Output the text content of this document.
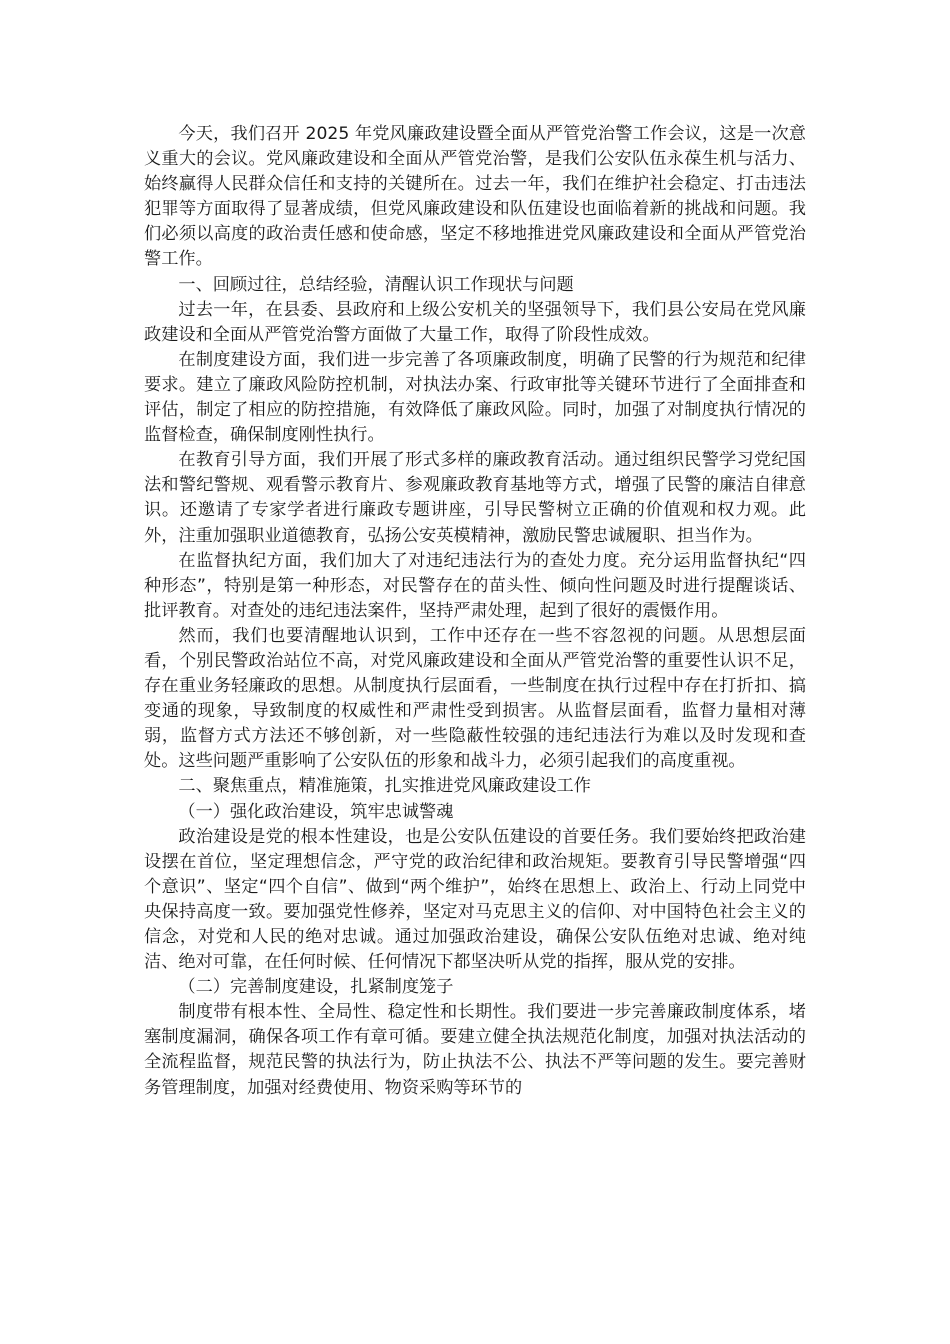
今天，我们召开 2025 年党风廉政建设暨全面从严管党治警工作会议，这是一次意义重大的会议。党风廉政建设和全面从严管党治警，是我们公安队伍永葆生机与活力、始终赢得人民群众信任和支持的关键所在。过去一年，我们在维护社会稳定、打击违法犯罪等方面取得了显著成绩，但党风廉政建设和队伍建设也面临着新的挑战和问题。我们必须以高度的政治责任感和使命感，坚定不移地推进党风廉政建设和全面从严管党治警工作。

一、回顾过往，总结经验，清醒认识工作现状与问题

过去一年，在县委、县政府和上级公安机关的坚强领导下，我们县公安局在党风廉政建设和全面从严管党治警方面做了大量工作，取得了阶段性成效。

在制度建设方面，我们进一步完善了各项廉政制度，明确了民警的行为规范和纪律要求。建立了廉政风险防控机制，对执法办案、行政审批等关键环节进行了全面排查和评估，制定了相应的防控措施，有效降低了廉政风险。同时，加强了对制度执行情况的监督检查，确保制度刚性执行。

在教育引导方面，我们开展了形式多样的廉政教育活动。通过组织民警学习党纪国法和警纪警规、观看警示教育片、参观廉政教育基地等方式，增强了民警的廉洁自律意识。还邀请了专家学者进行廉政专题讲座，引导民警树立正确的价值观和权力观。此外，注重加强职业道德教育，弘扬公安英模精神，激励民警忠诚履职、担当作为。

在监督执纪方面，我们加大了对违纪违法行为的查处力度。充分运用监督执纪“四种形态”，特别是第一种形态，对民警存在的苗头性、倾向性问题及时进行提醒谈话、批评教育。对查处的违纪违法案件，坚持严肃处理，起到了很好的震慑作用。

然而，我们也要清醒地认识到，工作中还存在一些不容忽视的问题。从思想层面看，个别民警政治站位不高，对党风廉政建设和全面从严管党治警的重要性认识不足，存在重业务轻廉政的思想。从制度执行层面看，一些制度在执行过程中存在打折扣、搞变通的现象，导致制度的权威性和严肃性受到损害。从监督层面看，监督力量相对薄弱，监督方式方法还不够创新，对一些隐蔽性较强的违纪违法行为难以及时发现和查处。这些问题严重影响了公安队伍的形象和战斗力，必须引起我们的高度重视。

二、聚焦重点，精准施策，扎实推进党风廉政建设工作

（一）强化政治建设，筑牢忠诚警魂

政治建设是党的根本性建设，也是公安队伍建设的首要任务。我们要始终把政治建设摆在首位，坚定理想信念，严守党的政治纪律和政治规矩。要教育引导民警增强“四个意识”、坚定“四个自信”、做到“两个维护”，始终在思想上、政治上、行动上同党中央保持高度一致。要加强党性修养，坚定对马克思主义的信仰、对中国特色社会主义的信念，对党和人民的绝对忠诚。通过加强政治建设，确保公安队伍绝对忠诚、绝对纯洁、绝对可靠，在任何时候、任何情况下都坚决听从党的指挥，服从党的安排。

（二）完善制度建设，扎紧制度笼子

制度带有根本性、全局性、稳定性和长期性。我们要进一步完善廉政制度体系，堵塞制度漏洞，确保各项工作有章可循。要建立健全执法规范化制度，加强对执法活动的全流程监督，规范民警的执法行为，防止执法不公、执法不严等问题的发生。要完善财务管理制度，加强对经费使用、物资采购等环节的
